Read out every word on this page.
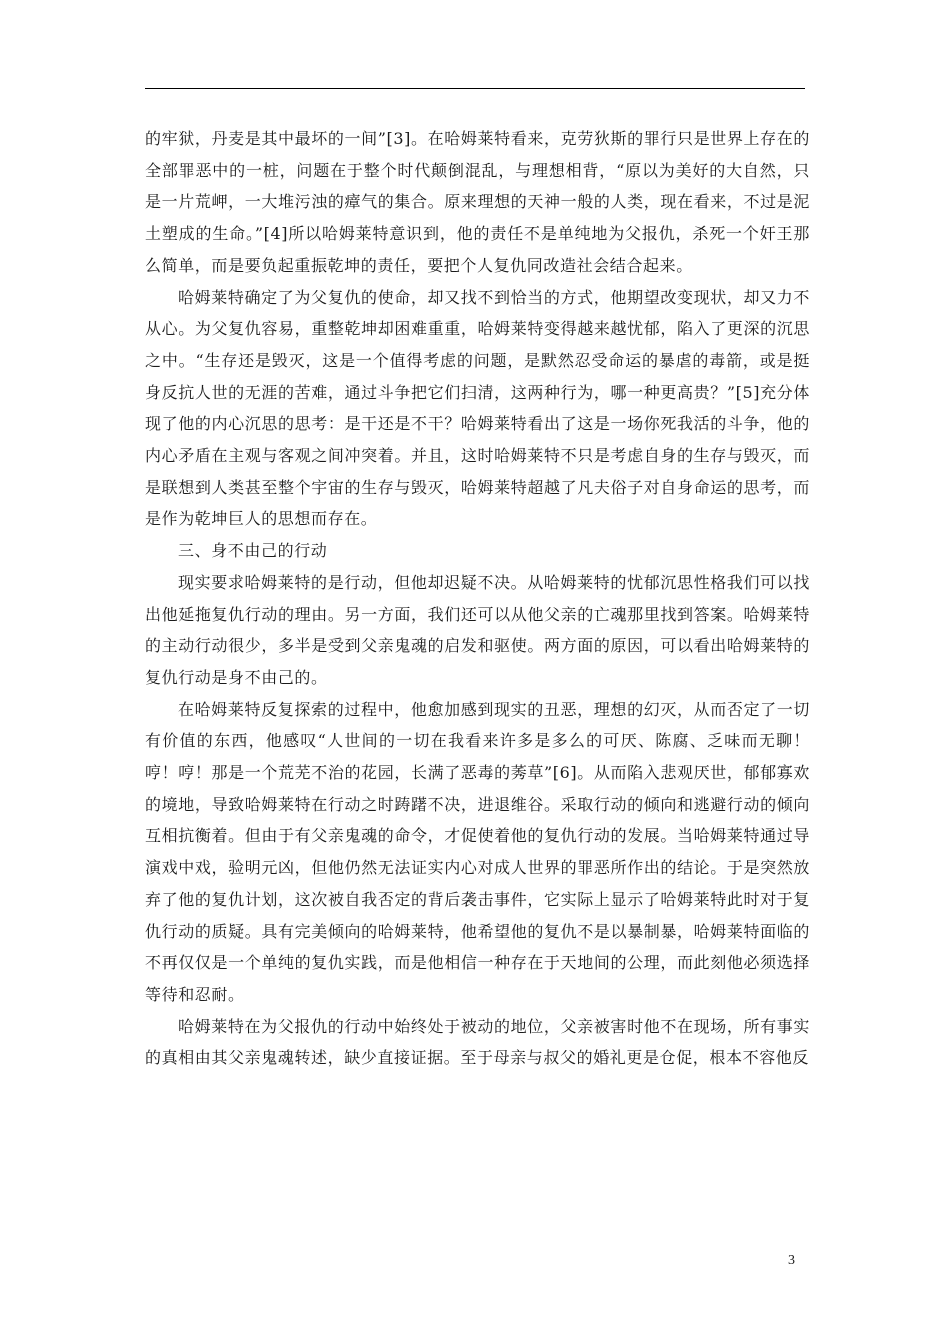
的牢狱，丹麦是其中最坏的一间”[3]。在哈姆莱特看来，克劳狄斯的罪行只是世界上存在的全部罪恶中的一桩，问题在于整个时代颠倒混乱，与理想相背，“原以为美好的大自然，只是一片荒岬，一大堆污浊的瘴气的集合。原来理想的天神一般的人类，现在看来，不过是泥土塑成的生命。”[4]所以哈姆莱特意识到，他的责任不是单纯地为父报仇，杀死一个奸王那么简单，而是要负起重振乾坤的责任，要把个人复仇同改造社会结合起来。

哈姆莱特确定了为父复仇的使命，却又找不到恰当的方式，他期望改变现状，却又力不从心。为父复仇容易，重整乾坤却困难重重，哈姆莱特变得越来越忧郁，陷入了更深的沉思之中。“生存还是毁灭，这是一个值得考虑的问题，是默然忍受命运的暴虐的毒箭，或是挺身反抗人世的无涯的苦难，通过斗争把它们扫清，这两种行为，哪一种更高贵？”[5]充分体现了他的内心沉思的思考：是干还是不干？哈姆莱特看出了这是一场你死我活的斗争，他的内心矛盾在主观与客观之间冲突着。并且，这时哈姆莱特不只是考虑自身的生存与毁灭，而是联想到人类甚至整个宇宙的生存与毁灭，哈姆莱特超越了凡夫俗子对自身命运的思考，而是作为乾坤巨人的思想而存在。

三、身不由己的行动

现实要求哈姆莱特的是行动，但他却迟疑不决。从哈姆莱特的忧郁沉思性格我们可以找出他延拖复仇行动的理由。另一方面，我们还可以从他父亲的亡魂那里找到答案。哈姆莱特的主动行动很少，多半是受到父亲鬼魂的启发和驱使。两方面的原因，可以看出哈姆莱特的复仇行动是身不由己的。

在哈姆莱特反复探索的过程中，他愈加感到现实的丑恶，理想的幻灭，从而否定了一切有价值的东西，他感叹“人世间的一切在我看来许多是多么的可厌、陈腐、乏味而无聊！哼！哼！那是一个荒芜不治的花园，长满了恶毒的莠草”[6]。从而陷入悲观厌世，郁郁寡欢的境地，导致哈姆莱特在行动之时踌躇不决，进退维谷。采取行动的倾向和逃避行动的倾向互相抗衡着。但由于有父亲鬼魂的命令，才促使着他的复仇行动的发展。当哈姆莱特通过导演戏中戏，验明元凶，但他仍然无法证实内心对成人世界的罪恶所作出的结论。于是突然放弃了他的复仇计划，这次被自我否定的背后袭击事件，它实际上显示了哈姆莱特此时对于复仇行动的质疑。具有完美倾向的哈姆莱特，他希望他的复仇不是以暴制暴，哈姆莱特面临的不再仅仅是一个单纯的复仇实践，而是他相信一种存在于天地间的公理，而此刻他必须选择等待和忍耐。

哈姆莱特在为父报仇的行动中始终处于被动的地位，父亲被害时他不在现场，所有事实的真相由其父亲鬼魂转述，缺少直接证据。至于母亲与叔父的婚礼更是仓促，根本不容他反

3
